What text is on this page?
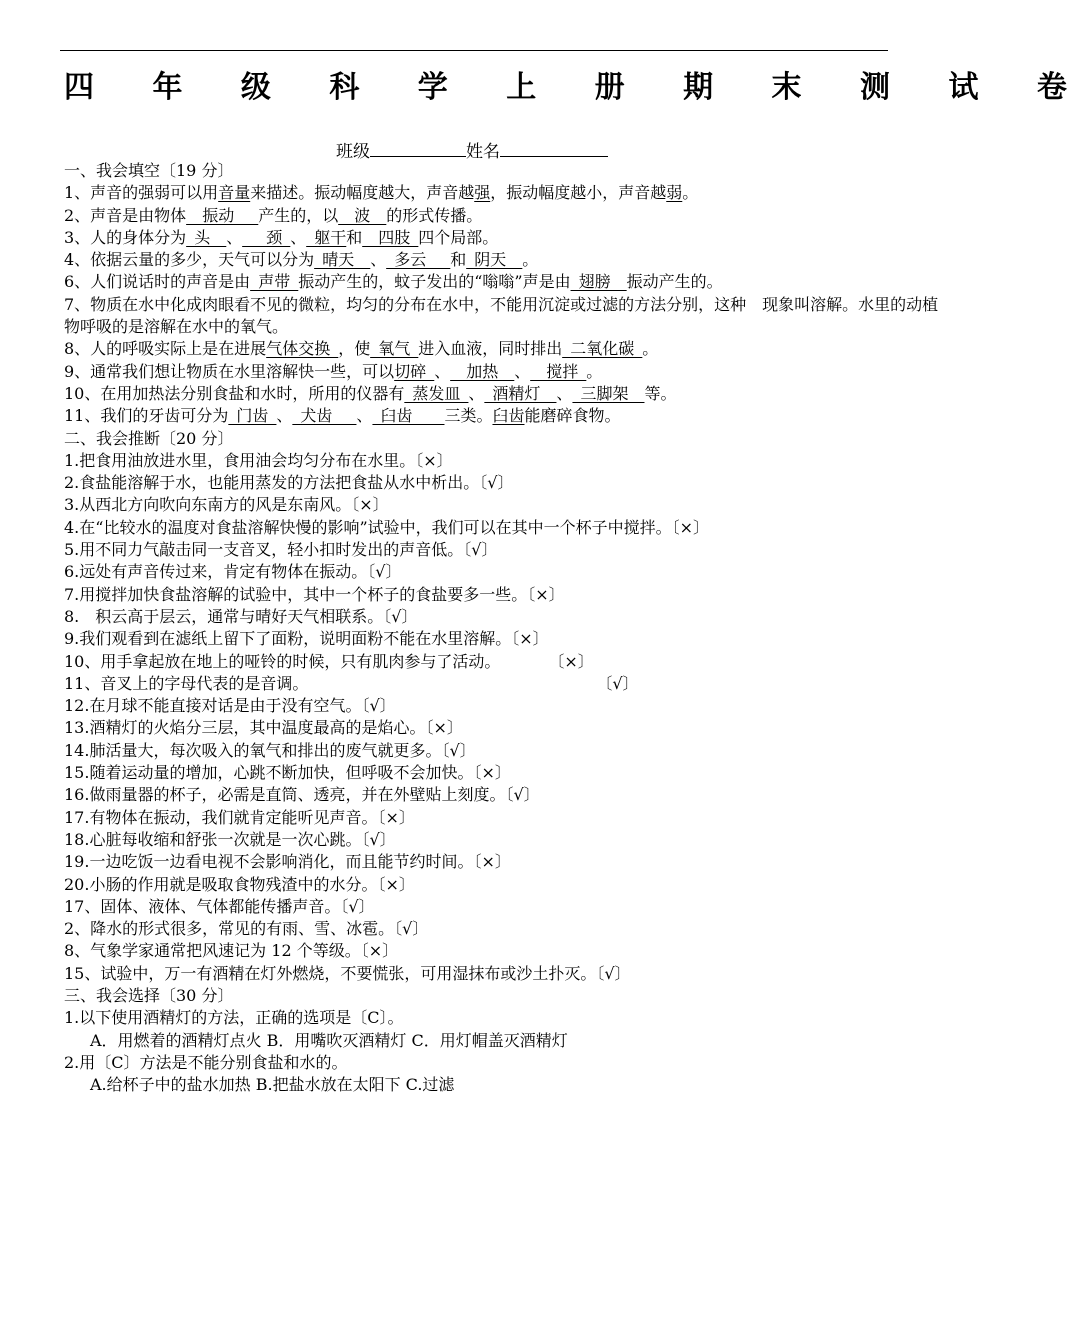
四 年 级 科 学 上 册 期 末 测 试 卷
班级	姓名
一、我会填空〔19 分〕
1、声音的强弱可以用音量来描述。振动幅度越大，声音越强，振动幅度越小，声音越弱。
2、声音是由物体__振动___产生的，以__波__的形式传播。
3、人的身体分为_头__、___颈_、_躯干和__四肢_四个局部。
4、依据云量的多少，天气可以分为_晴天__、_多云___和_阴天__。
6、人们说话时的声音是由_声带_振动产生的，蚊子发出的“嗡嗡”声是由_翅膀__振动产生的。
7、物质在水中化成肉眼看不见的微粒，均匀的分布在水中，不能用沉淀或过滤的方法分别，这种　现象叫溶解。水里的动植物呼吸的是溶解在水中的氧气。
8、人的呼吸实际上是在进展气体交换_，使_氧气_进入血液，同时排出_二氧化碳_。
9、通常我们想让物质在水里溶解快一些，可以切碎_、__加热__、__搅拌_。
10、在用加热法分别食盐和水时，所用的仪器有_蒸发皿_、_酒精灯__、_三脚架__等。
11、我们的牙齿可分为_门齿_、_犬齿___、_臼齿____三类。臼齿能磨碎食物。
二、我会推断〔20 分〕
1.把食用油放进水里，食用油会均匀分布在水里。〔×〕
2.食盐能溶解于水，也能用蒸发的方法把食盐从水中析出。〔√〕
3.从西北方向吹向东南方的风是东南风。〔×〕
4.在“比较水的温度对食盐溶解快慢的影响”试验中，我们可以在其中一个杯子中搅拌。〔×〕
5.用不同力气敲击同一支音叉，轻小扣时发出的声音低。〔√〕
6.远处有声音传过来，肯定有物体在振动。〔√〕
7.用搅拌加快食盐溶解的试验中，其中一个杯子的食盐要多一些。〔×〕
8.　积云高于层云，通常与晴好天气相联系。〔√〕
9.我们观看到在滤纸上留下了面粉，说明面粉不能在水里溶解。〔×〕
10、用手拿起放在地上的哑铃的时候，只有肌肉参与了活动。　　　　〔×〕
11、音叉上的字母代表的是音调。　　　　　　　　　　　　　　　　　　　〔√〕
12.在月球不能直接对话是由于没有空气。〔√〕
13.酒精灯的火焰分三层，其中温度最高的是焰心。〔×〕
14.肺活量大，每次吸入的氧气和排出的废气就更多。〔√〕
15.随着运动量的增加，心跳不断加快，但呼吸不会加快。〔×〕
16.做雨量器的杯子，必需是直筒、透亮，并在外壁贴上刻度。〔√〕
17.有物体在振动，我们就肯定能听见声音。〔×〕
18.心脏每收缩和舒张一次就是一次心跳。〔√〕
19.一边吃饭一边看电视不会影响消化，而且能节约时间。〔×〕
20.小肠的作用就是吸取食物残渣中的水分。〔×〕
17、固体、液体、气体都能传播声音。〔√〕
2、降水的形式很多，常见的有雨、雪、冰雹。〔√〕
8、气象学家通常把风速记为 12 个等级。〔×〕
15、试验中，万一有酒精在灯外燃烧，不要慌张，可用湿抹布或沙土扑灭。〔√〕
三、我会选择〔30 分〕
1.以下使用酒精灯的方法，正确的选项是〔C〕。
A．用燃着的酒精灯点火 B．用嘴吹灭酒精灯 C．用灯帽盖灭酒精灯
2.用〔C〕方法是不能分别食盐和水的。
A.给杯子中的盐水加热 B.把盐水放在太阳下 C.过滤
